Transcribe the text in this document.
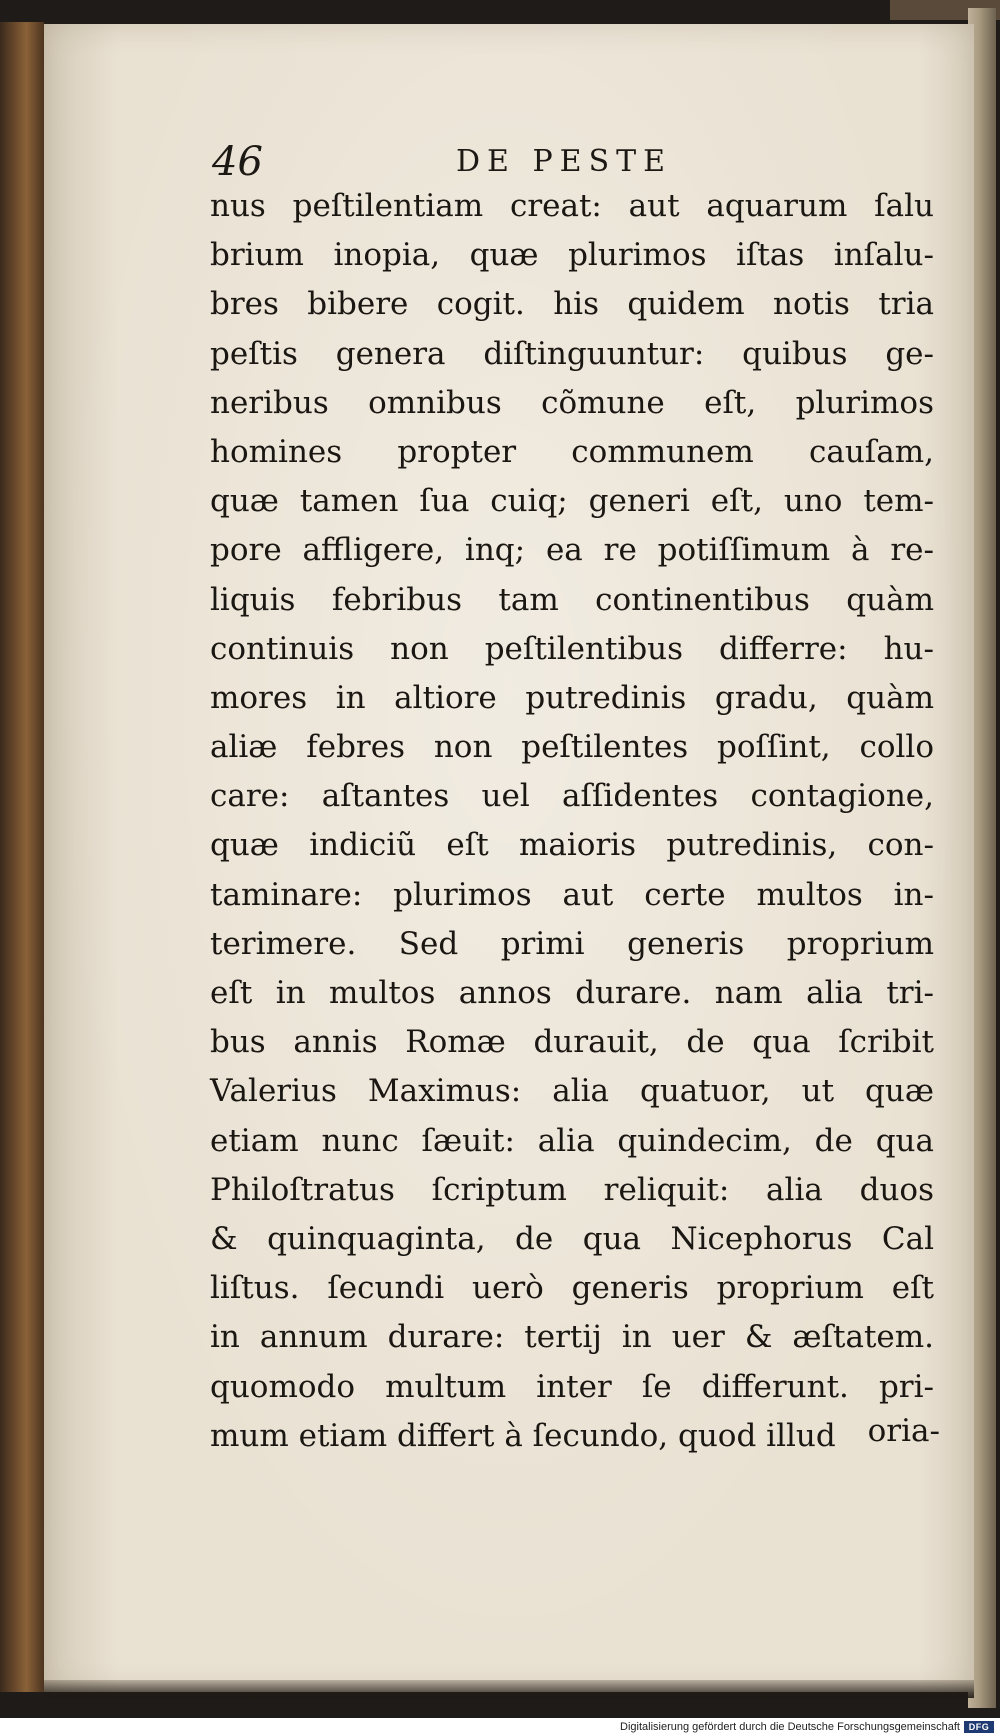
46	DE PESTE
nus peſtilentiam creat: aut aquarum ſalu
brium inopia, quæ plurimos iſtas inſalu-
bres bibere cogit. his quidem notis tria
peſtis genera diſtinguuntur: quibus ge-
neribus omnibus cõmune eſt, plurimos
homines propter communem cauſam,
quæ tamen ſua cuiq; generi eſt, uno tem-
pore affligere, inq; ea re potiſſimum à re-
liquis febribus tam continentibus quàm
continuis non peſtilentibus differre: hu-
mores in altiore putredinis gradu, quàm
aliæ febres non peſtilentes poſſint, collo
care: aſtantes uel aſſidentes contagione,
quæ indiciũ eſt maioris putredinis, con-
taminare: plurimos aut certe multos in-
terimere. Sed primi generis proprium
eſt in multos annos durare. nam alia tri-
bus annis Romæ durauit, de qua ſcribit
Valerius Maximus: alia quatuor, ut quæ
etiam nunc ſæuit: alia quindecim, de qua
Philoſtratus ſcriptum reliquit: alia duos
& quinquaginta, de qua Nicephorus Cal
liſtus. ſecundi uerò generis proprium eſt
in annum durare: tertij in uer & æſtatem.
quomodo multum inter ſe differunt. pri-
mum etiam differt à ſecundo, quod illud	oria-
Digitalisierung gefördert durch die Deutsche Forschungsgemeinschaft DFG
